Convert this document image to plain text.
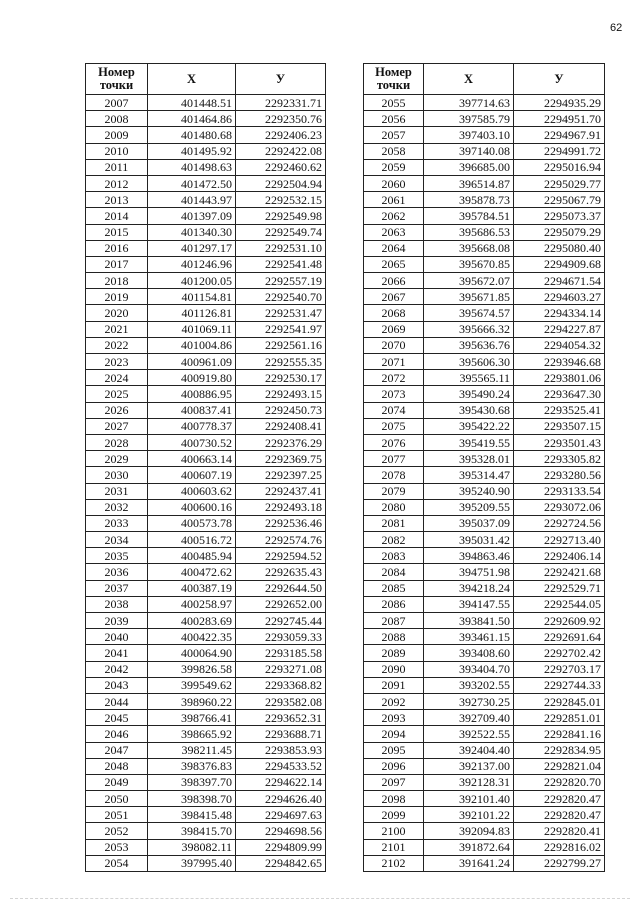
62
Номер
точки	X	У
2007	401448.51	2292331.71
2008	401464.86	2292350.76
2009	401480.68	2292406.23
2010	401495.92	2292422.08
2011	401498.63	2292460.62
2012	401472.50	2292504.94
2013	401443.97	2292532.15
2014	401397.09	2292549.98
2015	401340.30	2292549.74
2016	401297.17	2292531.10
2017	401246.96	2292541.48
2018	401200.05	2292557.19
2019	401154.81	2292540.70
2020	401126.81	2292531.47
2021	401069.11	2292541.97
2022	401004.86	2292561.16
2023	400961.09	2292555.35
2024	400919.80	2292530.17
2025	400886.95	2292493.15
2026	400837.41	2292450.73
2027	400778.37	2292408.41
2028	400730.52	2292376.29
2029	400663.14	2292369.75
2030	400607.19	2292397.25
2031	400603.62	2292437.41
2032	400600.16	2292493.18
2033	400573.78	2292536.46
2034	400516.72	2292574.76
2035	400485.94	2292594.52
2036	400472.62	2292635.43
2037	400387.19	2292644.50
2038	400258.97	2292652.00
2039	400283.69	2292745.44
2040	400422.35	2293059.33
2041	400064.90	2293185.58
2042	399826.58	2293271.08
2043	399549.62	2293368.82
2044	398960.22	2293582.08
2045	398766.41	2293652.31
2046	398665.92	2293688.71
2047	398211.45	2293853.93
2048	398376.83	2294533.52
2049	398397.70	2294622.14
2050	398398.70	2294626.40
2051	398415.48	2294697.63
2052	398415.70	2294698.56
2053	398082.11	2294809.99
2054	397995.40	2294842.65
Номер
точки	X	У
2055	397714.63	2294935.29
2056	397585.79	2294951.70
2057	397403.10	2294967.91
2058	397140.08	2294991.72
2059	396685.00	2295016.94
2060	396514.87	2295029.77
2061	395878.73	2295067.79
2062	395784.51	2295073.37
2063	395686.53	2295079.29
2064	395668.08	2295080.40
2065	395670.85	2294909.68
2066	395672.07	2294671.54
2067	395671.85	2294603.27
2068	395674.57	2294334.14
2069	395666.32	2294227.87
2070	395636.76	2294054.32
2071	395606.30	2293946.68
2072	395565.11	2293801.06
2073	395490.24	2293647.30
2074	395430.68	2293525.41
2075	395422.22	2293507.15
2076	395419.55	2293501.43
2077	395328.01	2293305.82
2078	395314.47	2293280.56
2079	395240.90	2293133.54
2080	395209.55	2293072.06
2081	395037.09	2292724.56
2082	395031.42	2292713.40
2083	394863.46	2292406.14
2084	394751.98	2292421.68
2085	394218.24	2292529.71
2086	394147.55	2292544.05
2087	393841.50	2292609.92
2088	393461.15	2292691.64
2089	393408.60	2292702.42
2090	393404.70	2292703.17
2091	393202.55	2292744.33
2092	392730.25	2292845.01
2093	392709.40	2292851.01
2094	392522.55	2292841.16
2095	392404.40	2292834.95
2096	392137.00	2292821.04
2097	392128.31	2292820.70
2098	392101.40	2292820.47
2099	392101.22	2292820.47
2100	392094.83	2292820.41
2101	391872.64	2292816.02
2102	391641.24	2292799.27
